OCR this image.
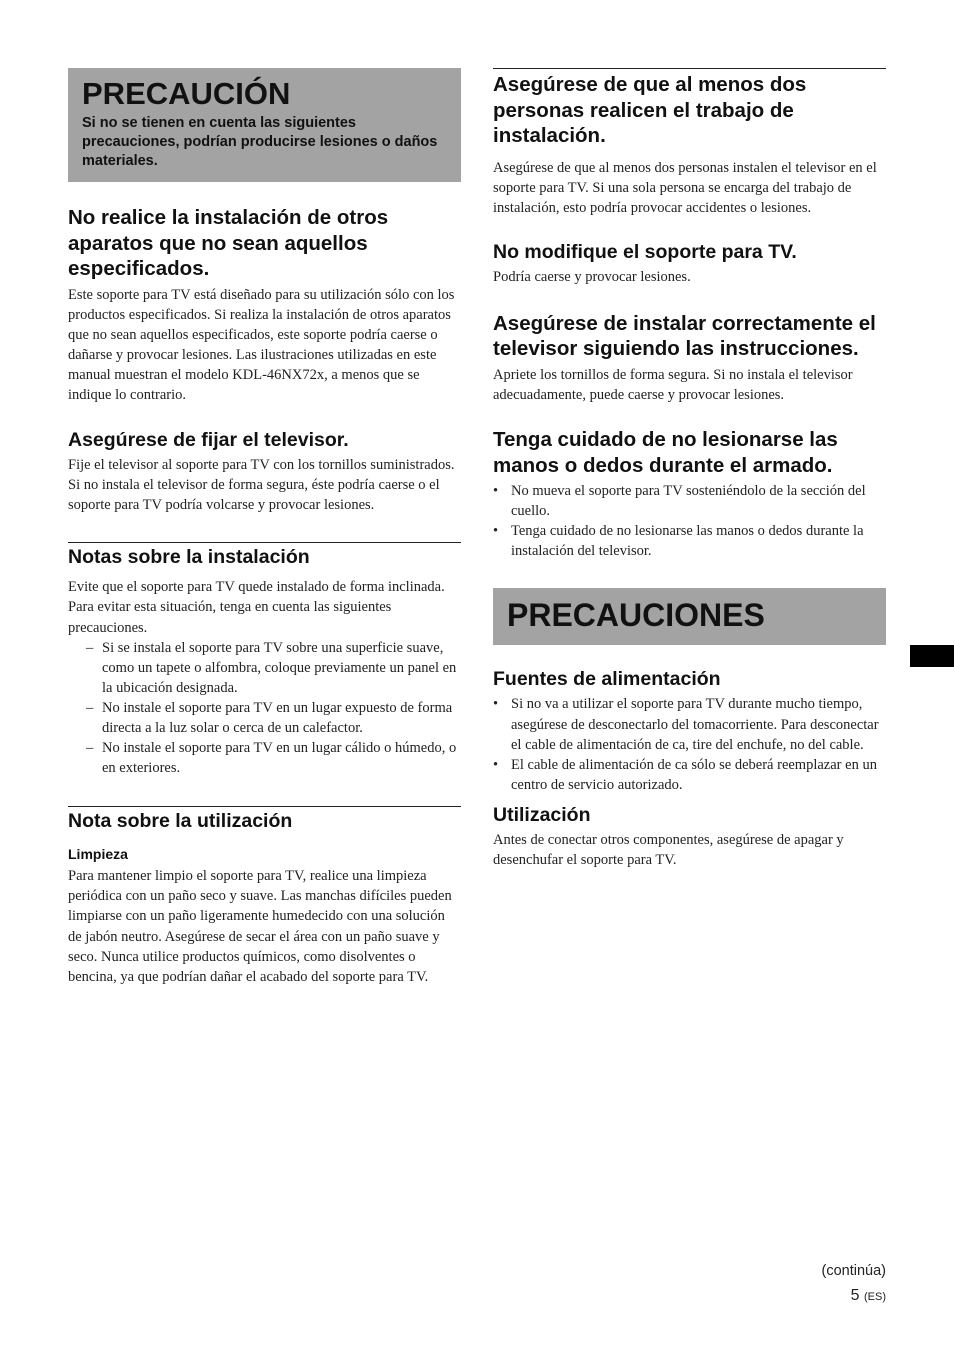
PRECAUCIÓN
Si no se tienen en cuenta las siguientes precauciones, podrían producirse lesiones o daños materiales.
No realice la instalación de otros aparatos que no sean aquellos especificados.

Este soporte para TV está diseñado para su utilización sólo con los productos especificados. Si realiza la instalación de otros aparatos que no sean aquellos especificados, este soporte podría caerse o dañarse y provocar lesiones. Las ilustraciones utilizadas en este manual muestran el modelo KDL-46NX72x, a menos que se indique lo contrario.

Asegúrese de fijar el televisor.

Fije el televisor al soporte para TV con los tornillos suministrados. Si no instala el televisor de forma segura, éste podría caerse o el soporte para TV podría volcarse y provocar lesiones.

Notas sobre la instalación

Evite que el soporte para TV quede instalado de forma inclinada. Para evitar esta situación, tenga en cuenta las siguientes precauciones.

– Si se instala el soporte para TV sobre una superficie suave, como un tapete o alfombra, coloque previamente un panel en la ubicación designada.
– No instale el soporte para TV en un lugar expuesto de forma directa a la luz solar o cerca de un calefactor.
– No instale el soporte para TV en un lugar cálido o húmedo, o en exteriores.
Nota sobre la utilización
Limpieza

Para mantener limpio el soporte para TV, realice una limpieza periódica con un paño seco y suave. Las manchas difíciles pueden limpiarse con un paño ligeramente humedecido con una solución de jabón neutro. Asegúrese de secar el área con un paño suave y seco. Nunca utilice productos químicos, como disolventes o bencina, ya que podrían dañar el acabado del soporte para TV.

Asegúrese de que al menos dos personas realicen el trabajo de instalación.

Asegúrese de que al menos dos personas instalen el televisor en el soporte para TV. Si una sola persona se encarga del trabajo de instalación, esto podría provocar accidentes o lesiones.

No modifique el soporte para TV.

Podría caerse y provocar lesiones.

Asegúrese de instalar correctamente el televisor siguiendo las instrucciones.

Apriete los tornillos de forma segura. Si no instala el televisor adecuadamente, puede caerse y provocar lesiones.

Tenga cuidado de no lesionarse las manos o dedos durante el armado.
• No mueva el soporte para TV sosteniéndolo de la sección del cuello.
• Tenga cuidado de no lesionarse las manos o dedos durante la instalación del televisor.
PRECAUCIONES
Fuentes de alimentación
• Si no va a utilizar el soporte para TV durante mucho tiempo, asegúrese de desconectarlo del tomacorriente. Para desconectar el cable de alimentación de ca, tire del enchufe, no del cable.
• El cable de alimentación de ca sólo se deberá reemplazar en un centro de servicio autorizado.
Utilización

Antes de conectar otros componentes, asegúrese de apagar y desenchufar el soporte para TV.

(continúa)
5 (ES)
